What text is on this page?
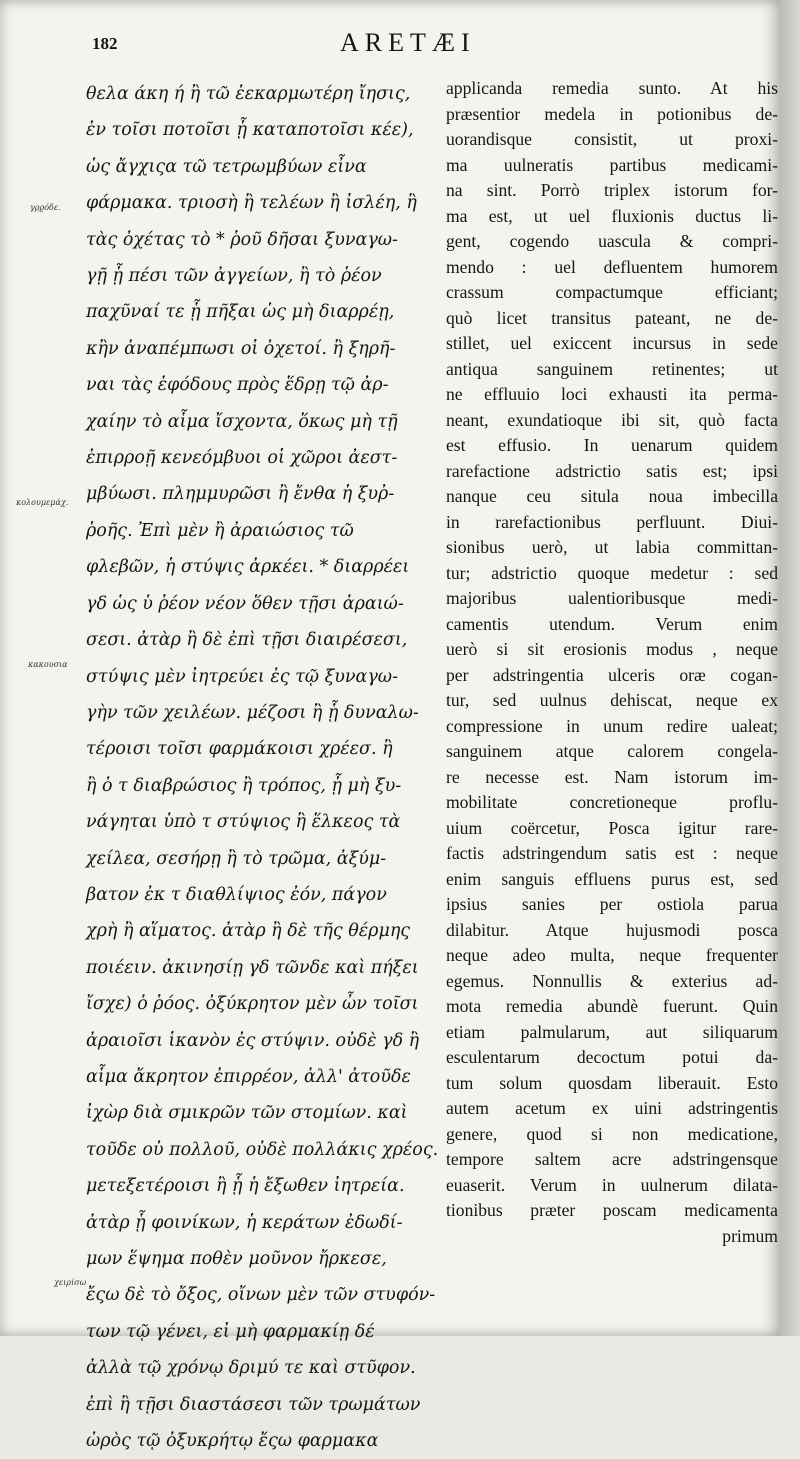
182	ARETÆI
γρ̣ϱόδε.
κολουμεμάχ.
κακουσια
χειρίσω
θελα άκη ή ἢ τῶ ἐεκαρμωτέρη ἴησις,
ἐν τοῖσι ποτοῖσι ᾗ καταποτοῖσι κέε),
ὡς ἄγχιςα τῶ τετρωμβύων εἶνα
φάρμακα. τριοσὴ ἢ τελέων ἢ ἰσλέη, ἢ
τὰς ὀχέτας τὸ * ῥοῦ δῆσαι ξυναγω-
γῇ ᾗ πέσι τῶν ἀγγείων, ἢ τὸ ῥέον
παχῦναί τε ᾗ πῆξαι ὡς μὴ διαρρέῃ,
κἢν ἀναπέμπωσι οἱ ὀχετοί. ἢ ξηρῆ-
ναι τὰς ἐφόδους πρὸς ἕδρῃ τῷ ἀρ-
χαίην τὸ αἷμα ἴσχοντα, ὅκως μὴ τῇ
ἐπιρροῇ κενεόμβυοι οἱ χῶροι ἀεστ-
μβύωσι. πλημμυρῶσι ἢ ἔνθα ἡ ξυῤ-
ῥοῆς. Ἐπὶ μὲν ἢ ἀραιώσιος τῶ
φλεβῶν, ἡ στύψις ἀρκέει. * διαρρέει
γδ ὡς ὑ ῥέον νέον ὅθεν τῇσι ἀραιώ-
σεσι. ἀτὰρ ἢ δὲ ἐπὶ τῇσι διαιρέσεσι,
στύψις μὲν ἰητρεύει ἐς τῷ ξυναγω-
γὴν τῶν χειλέων. μέζοσι ἢ ᾗ δυναλω-
τέροισι τοῖσι φαρμάκοισι χρέεσ. ἢ
ἢ ὁ τ διαβρώσιος ἢ τρόπος, ᾗ μὴ ξυ-
νάγηται ὑπὸ τ στύψιος ἢ ἕλκεος τὰ
χείλεα, σεσήρῃ ἢ τὸ τρῶμα, ἀξύμ-
βατον ἐκ τ διαθλίψιος ἐόν, πάγον
χρὴ ἢ αἵματος. ἀτὰρ ἢ δὲ τῆς θέρμης
ποιέειν. ἀκινησίῃ γδ τῶνδε καὶ πήξει
ἴσχε) ὁ ῥόος. ὀξύκρητον μὲν ὦν τοῖσι
ἀραιοῖσι ἱκανὸν ἐς στύψιν. οὐδὲ γδ ἢ
αἷμα ἄκρητον ἐπιρρέον, ἀλλ' ἀτοῦδε
ἰχὼρ διὰ σμικρῶν τῶν στομίων. καὶ
τοῦδε οὐ πολλοῦ, οὐδὲ πολλάκις χρέος.
μετεξετέροισι ἢ ᾗ ἡ ἔξωθεν ἰητρεία.
ἀτὰρ ᾗ φοινίκων, ἡ κεράτων ἐδωδί-
μων ἕψημα ποθὲν μοῦνον ἤρκεσε,
ἔςω δὲ τὸ ὄξος, οἴνων μὲν τῶν στυφόν-
των τῷ γένει, εἰ μὴ φαρμακίῃ δέ
ἀλλὰ τῷ χρόνῳ δριμύ τε καὶ στῦφον.
ἐπὶ ἢ τῇσι διαστάσεσι τῶν τρωμάτων
ὠρὸς τῷ ὀξυκρήτῳ ἔςω φαρμακα
applicanda remedia sunto. At his
præsentior medela in potionibus de-
uorandisque consistit, ut proxi-
ma uulneratis partibus medicami-
na sint. Porrò triplex istorum for-
ma est, ut uel fluxionis ductus li-
gent, cogendo uascula & compri-
mendo : uel defluentem humorem
crassum compactumque efficiant;
quò licet transitus pateant, ne de-
stillet, uel exiccent incursus in sede
antiqua sanguinem retinentes; ut
ne effluuio loci exhausti ita perma-
neant, exundatioque ibi sit, quò facta
est effusio. In uenarum quidem
rarefactione adstrictio satis est; ipsi
nanque ceu situla noua imbecilla
in rarefactionibus perfluunt. Diui-
sionibus uerò, ut labia committan-
tur; adstrictio quoque medetur : sed
majoribus ualentioribusque medi-
camentis utendum. Verum enim
uerò si sit erosionis modus , neque
per adstringentia ulceris oræ cogan-
tur, sed uulnus dehiscat, neque ex
compressione in unum redire ualeat;
sanguinem atque calorem congela-
re necesse est. Nam istorum im-
mobilitate concretioneque proflu-
uium coërcetur, Posca igitur rare-
factis adstringendum satis est : neque
enim sanguis effluens purus est, sed
ipsius sanies per ostiola parua
dilabitur. Atque hujusmodi posca
neque adeo multa, neque frequenter
egemus. Nonnullis & exterius ad-
mota remedia abundè fuerunt. Quin
etiam palmularum, aut siliquarum
esculentarum decoctum potui da-
tum solum quosdam liberauit. Esto
autem acetum ex uini adstringentis
genere, quod si non medicatione,
tempore saltem acre adstringensque
euaserit. Verum in uulnerum dilata-
tionibus præter poscam medicamenta
primum
